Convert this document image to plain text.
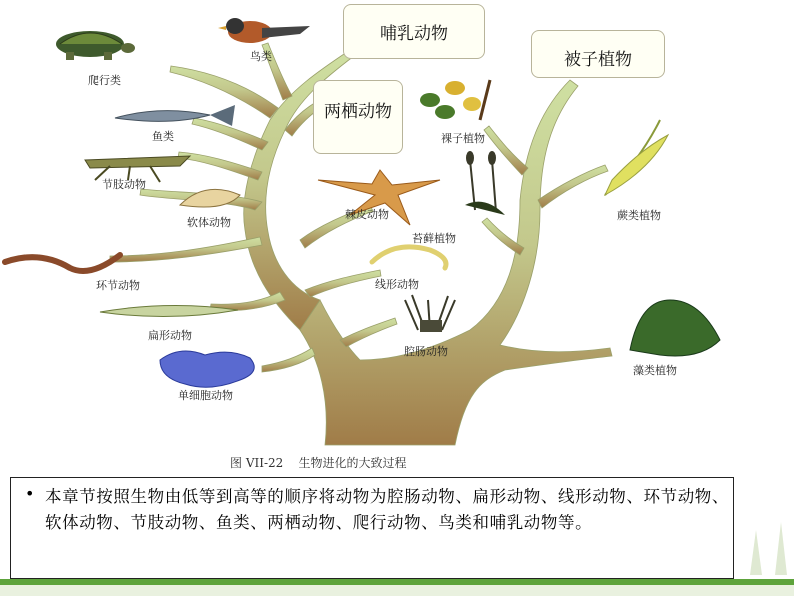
爬行类
鸟类
鱼类
节肢动物
软体动物
环节动物
扁形动物
单细胞动物
棘皮动物
线形动物
腔肠动物
裸子植物
蕨类植物
苔藓植物
藻类植物
哺乳动物
被子植物
两栖动物
图 VII-22    生物进化的大致过程
• 本章节按照生物由低等到高等的顺序将动物为腔肠动物、扁形动物、线形动物、环节动物、软体动物、节肢动物、鱼类、两栖动物、爬行动物、鸟类和哺乳动物等。
